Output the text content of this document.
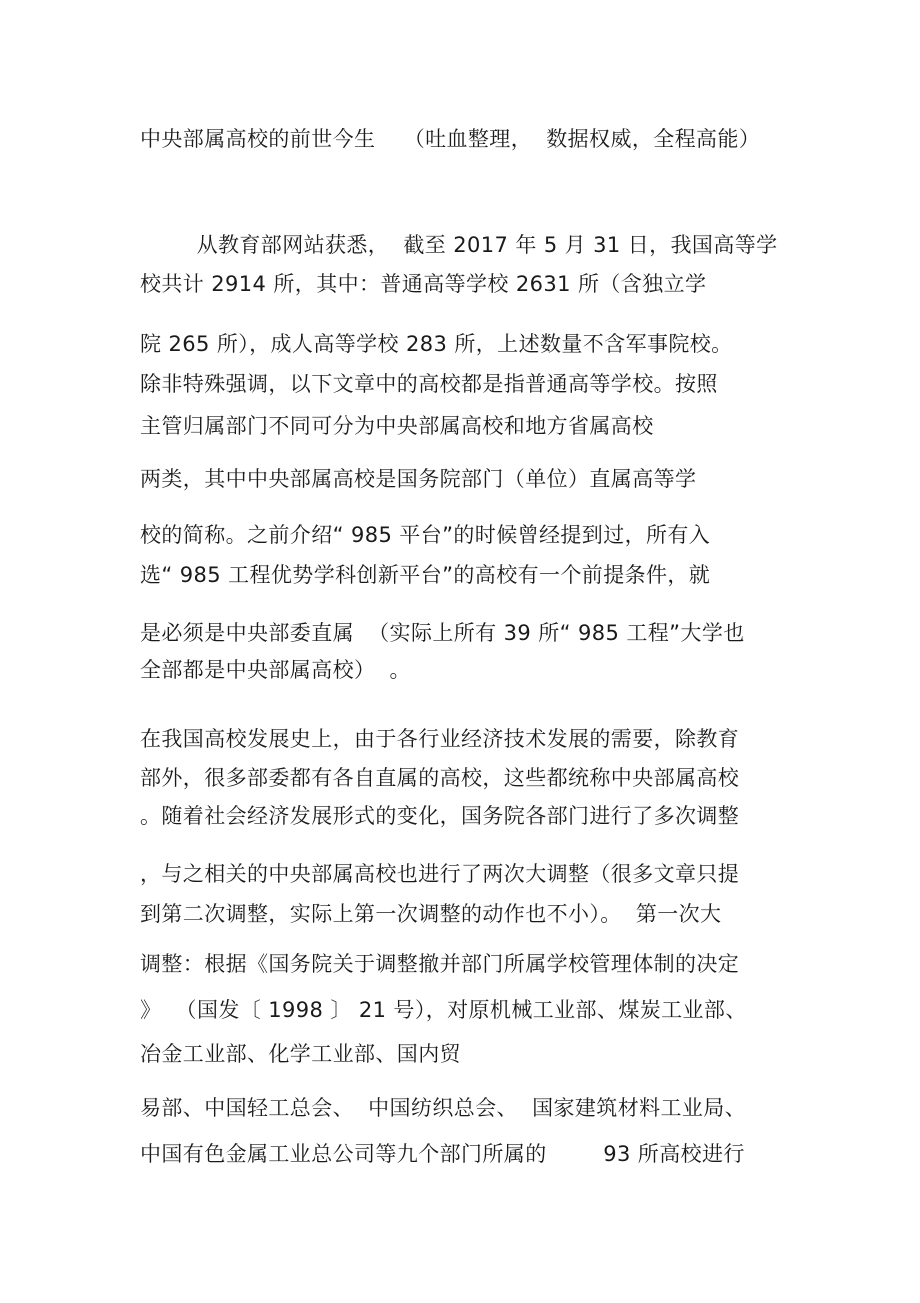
中央部属高校的前世今生    （吐血整理，  数据权威，全程高能）
从教育部网站获悉，  截至 2017 年 5 月 31 日，我国高等学
校共计 2914 所，其中：普通高等学校 2631 所（含独立学
院 265 所），成人高等学校 283 所，上述数量不含军事院校。
除非特殊强调，以下文章中的高校都是指普通高等学校。按照
主管归属部门不同可分为中央部属高校和地方省属高校
两类，其中中央部属高校是国务院部门（单位）直属高等学
校的简称。之前介绍“ 985 平台”的时候曾经提到过，所有入
选“ 985 工程优势学科创新平台”的高校有一个前提条件，就
是必须是中央部委直属  （实际上所有 39 所“ 985 工程”大学也
全部都是中央部属高校）  。
在我国高校发展史上，由于各行业经济技术发展的需要，除教育
部外，很多部委都有各自直属的高校，这些都统称中央部属高校
。随着社会经济发展形式的变化，国务院各部门进行了多次调整
，与之相关的中央部属高校也进行了两次大调整（很多文章只提
到第二次调整，实际上第一次调整的动作也不小）。  第一次大
调整：根据《国务院关于调整撤并部门所属学校管理体制的决定
》  （国发〔 1998 〕 21 号），对原机械工业部、煤炭工业部、
冶金工业部、化学工业部、国内贸
易部、中国轻工总会、  中国纺织总会、  国家建筑材料工业局、
中国有色金属工业总公司等九个部门所属的        93 所高校进行
